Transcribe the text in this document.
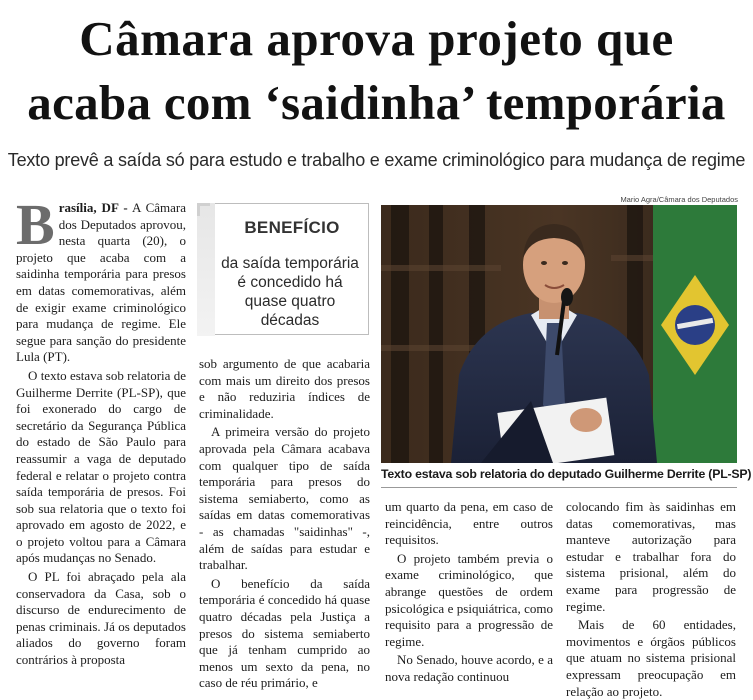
Câmara aprova projeto que
acaba com ‘saidinha’ temporária
Texto prevê a saída só para estudo e trabalho e exame criminológico para mudança de regime

B rasília, DF - A Câmara dos Deputados aprovou, nesta quarta (20), o projeto que acaba com a saidinha temporária para presos em datas comemorativas, além de exigir exame criminológico para mudança de regime. Ele segue para sanção do presidente Lula (PT).

O texto estava sob relatoria de Guilherme Derrite (PL-SP), que foi exonerado do cargo de secretário da Segurança Pública do estado de São Paulo para reassumir a vaga de deputado federal e relatar o projeto contra saída temporária de presos. Foi sob sua relatoria que o texto foi aprovado em agosto de 2022, e o projeto voltou para a Câmara após mudanças no Senado.

O PL foi abraçado pela ala conservadora da Casa, sob o discurso de endurecimento de penas criminais. Já os deputados aliados do governo foram contrários à proposta

BENEFÍCIO
da saída temporária é concedido há quase quatro décadas

sob argumento de que acabaria com mais um direito dos presos e não reduziria índices de criminalidade.

A primeira versão do projeto aprovada pela Câmara acabava com qualquer tipo de saída temporária para presos do sistema semiaberto, como as saídas em datas comemorativas - as chamadas "saidinhas" -, além de saídas para estudar e trabalhar.

O benefício da saída temporária é concedido há quase quatro décadas pela Justiça a presos do sistema semiaberto que já tenham cumprido ao menos um sexto da pena, no caso de réu primário, e

Mario Agra/Câmara dos Deputados
Texto estava sob relatoria do deputado Guilherme Derrite (PL-SP)

um quarto da pena, em caso de reincidência, entre outros requisitos.

O projeto também previa o exame criminológico, que abrange questões de ordem psicológica e psiquiátrica, como requisito para a progressão de regime.

No Senado, houve acordo, e a nova redação continuou

colocando fim às saidinhas em datas comemorativas, mas manteve autorização para estudar e trabalhar fora do sistema prisional, além do exame para progressão de regime.

Mais de 60 entidades, movimentos e órgãos públicos que atuam no sistema prisional expressam preocupação em relação ao projeto.
